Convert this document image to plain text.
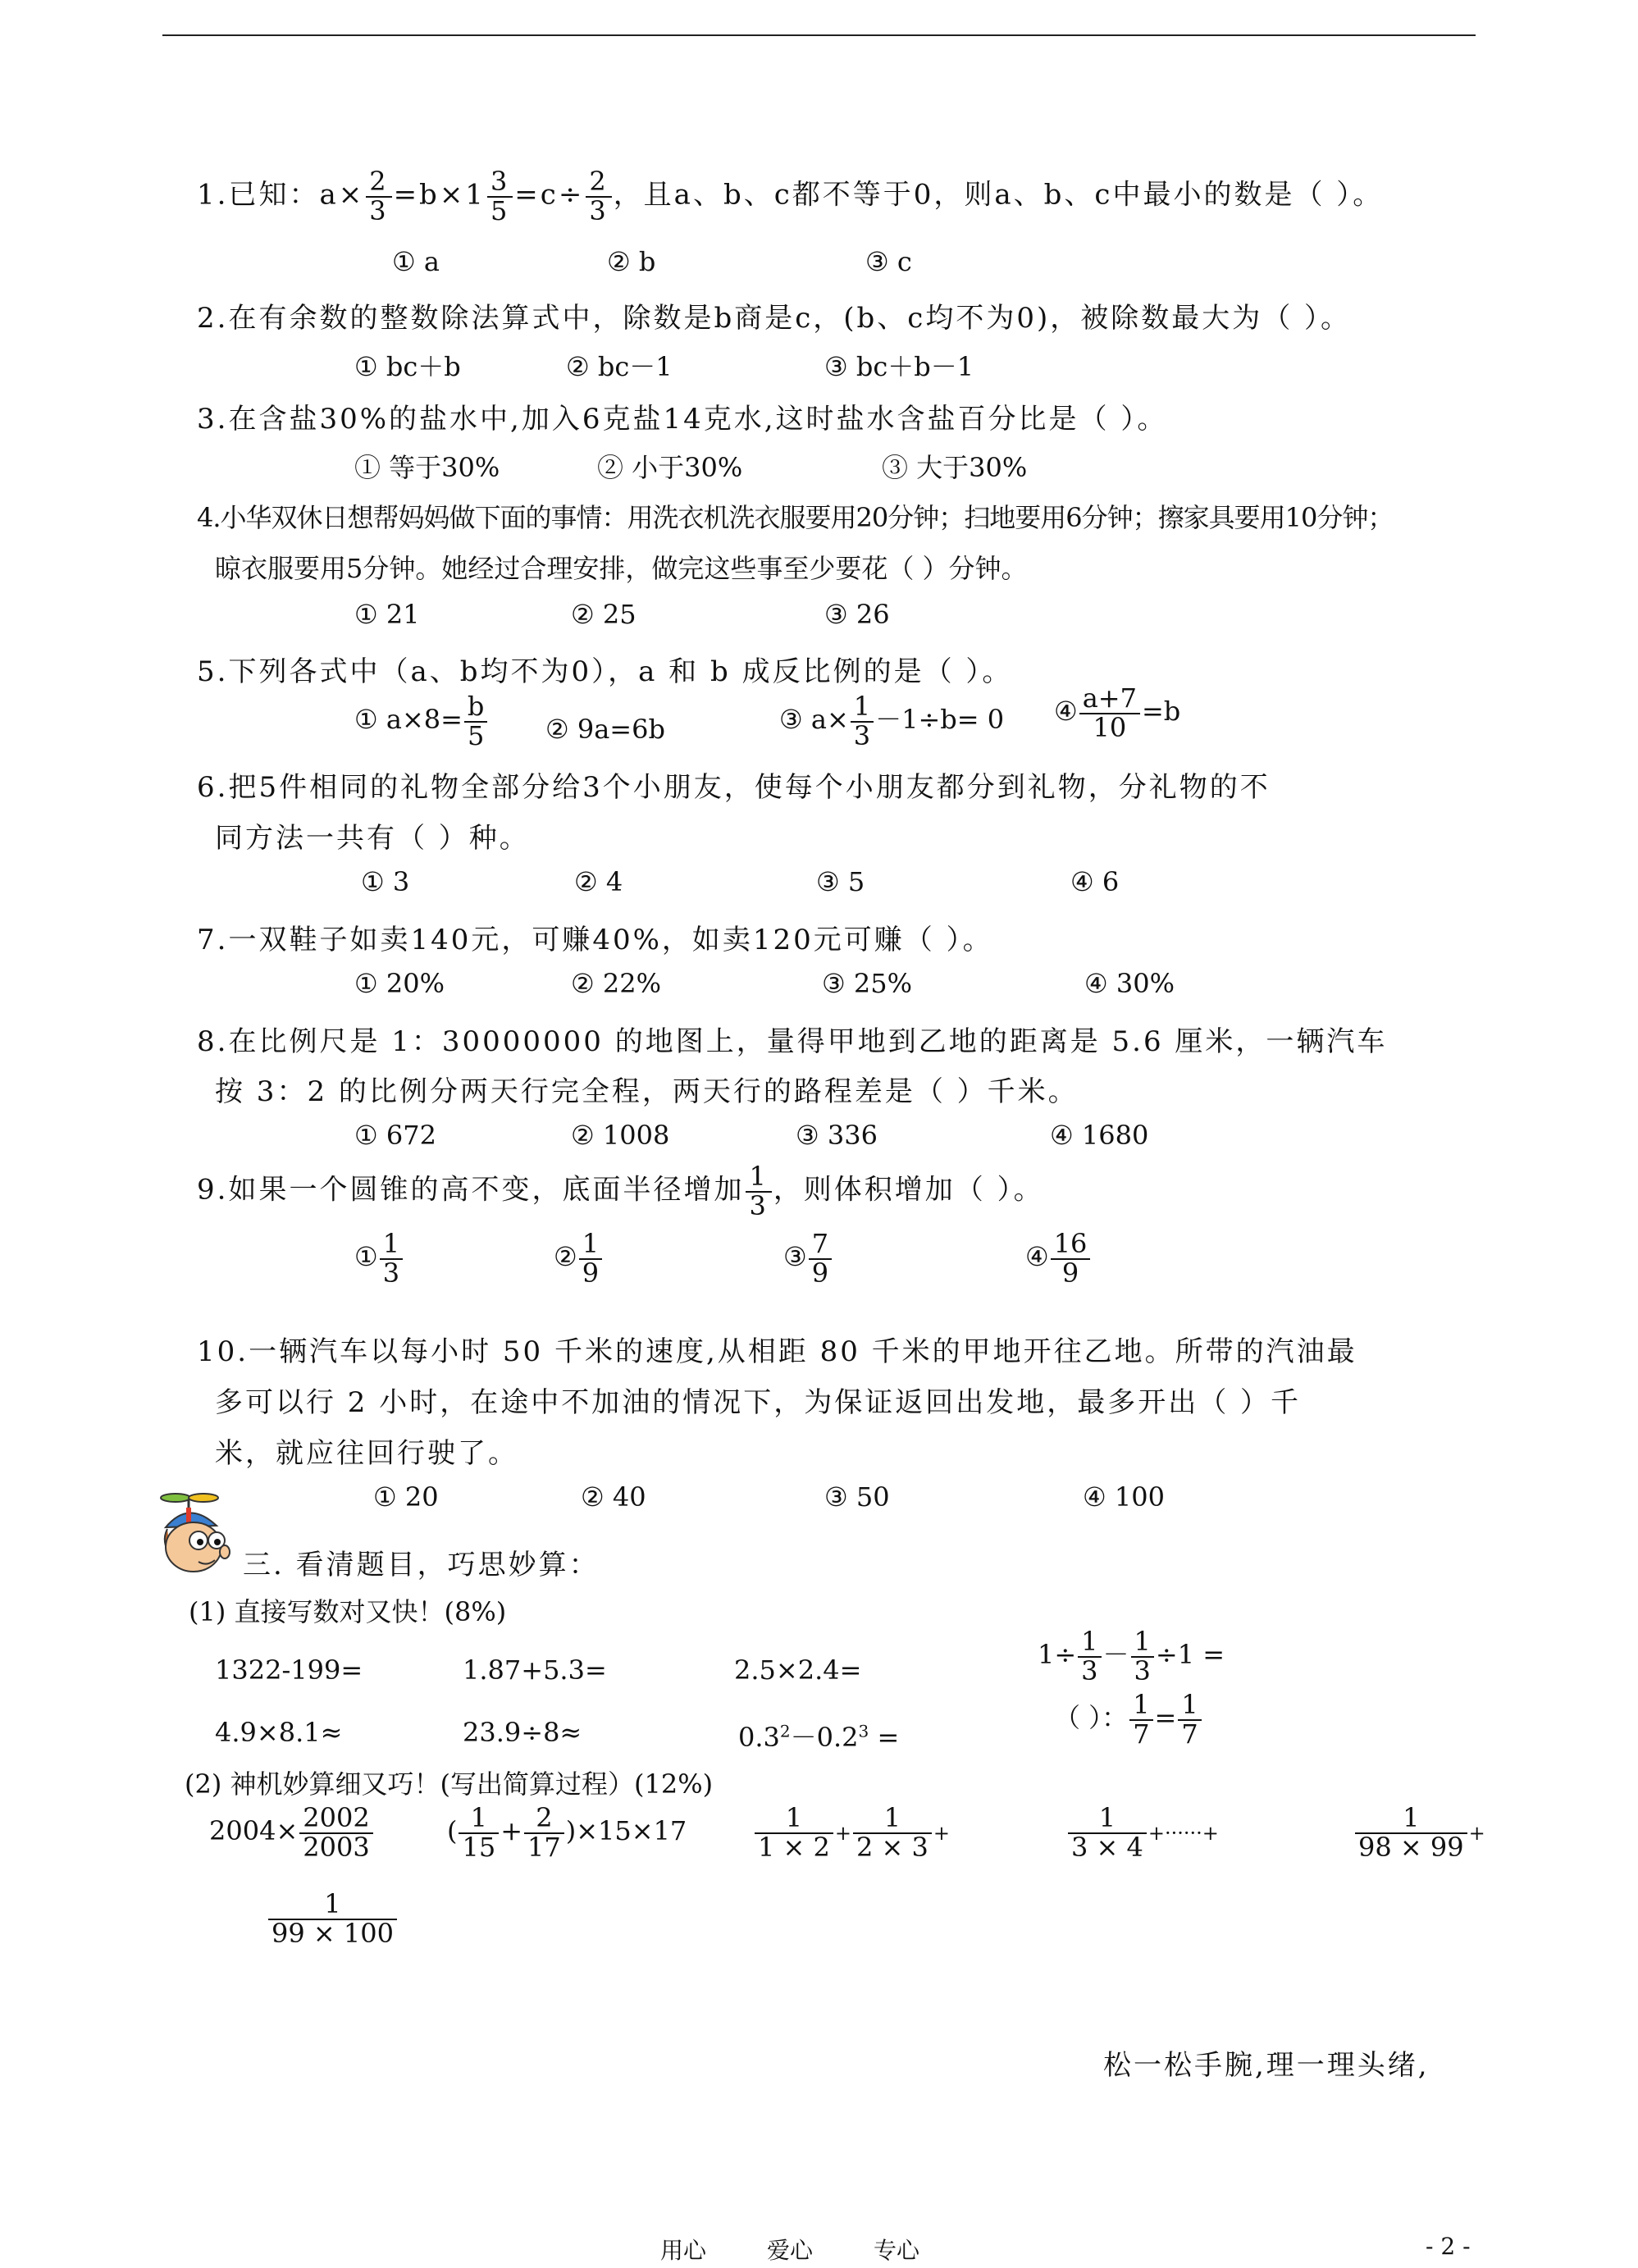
1.已知：$a\times \frac{2}{3} =b\times 1 \frac{3}{5} =c\div \frac{2}{3}$ ，且a、b、c都不等于0，则a、b、c中最小的数是（ ）。
① a	② b	③ c
2.在有余数的整数除法算式中，除数是b商是c，(b、c均不为0)，被除数最大为（ ）。
① bc＋b	② bc－1	③ bc＋b－1
3.在含盐30%的盐水中,加入6克盐14克水,这时盐水含盐百分比是（ ）。
① 等于30%	② 小于30%	③ 大于30%
4.小华双休日想帮妈妈做下面的事情：用洗衣机洗衣服要用20分钟；扫地要用6分钟；擦家具要用10分钟；
晾衣服要用5分钟。她经过合理安排，做完这些事至少要花（ ）分钟。
① 21	② 25	③ 26
5.下列各式中（a、b均不为0），a 和 b 成反比例的是（ ）。
① $a\times 8= \frac{b}{5}$ ② 9a=6b	③ $a\times \frac{1}{3} -1\div b= 0$ ④ $\frac{a+7}{10} =b$
6.把5件相同的礼物全部分给3个小朋友，使每个小朋友都分到礼物，分礼物的不
同方法一共有（ ）种。
① 3	② 4	③ 5	④ 6
7.一双鞋子如卖140元，可赚40%，如卖120元可赚（ ）。
① 20%	② 22%	③ 25%	④ 30%
8.在比例尺是 1：30000000 的地图上，量得甲地到乙地的距离是 5.6 厘米，一辆汽车
按 3：2 的比例分两天行完全程，两天行的路程差是（ ）千米。
① 672	② 1008	③ 336	④ 1680
9.如果一个圆锥的高不变，底面半径增加 $\frac{1}{3}$ ，则体积增加（ ）。
① $\frac{1}{3}$	② $\frac{1}{9}$	③ $\frac{7}{9}$	④ $\frac{16}{9}$
10.一辆汽车以每小时 50 千米的速度,从相距 80 千米的甲地开往乙地。所带的汽油最
多可以行 2 小时，在途中不加油的情况下，为保证返回出发地，最多开出（ ）千
米，就应往回行驶了。
① 20	② 40	③ 50	④ 100
三. 看清题目，巧思妙算：
(1) 直接写数对又快！(8%)
1322-199=	1.87+5.3=	2.5×2.4=	$1\div \frac{1}{3} - \frac{1}{3} \div 1$ =
4.9×8.1≈	23.9÷8≈	$0.3^2-0.2^3$ =
（ ）： $\frac{1}{7} = \frac{1}{7}$
(2) 神机妙算细又巧！(写出简算过程）(12%)
$2004\times \frac{2002}{2003}$	( $\frac{1}{15} + \frac{2}{17} )\times 15\times 17$	$\frac{1}{1 \times 2} + \frac{1}{2 \times 3}$ +	$\frac{1}{3 \times 4}$ +······+	$\frac{1}{98 \times 99}$ +
$\frac{1}{99 \times 100}$
松一松手腕,理一理头绪,
用心	爱心	专心	- 2 -
